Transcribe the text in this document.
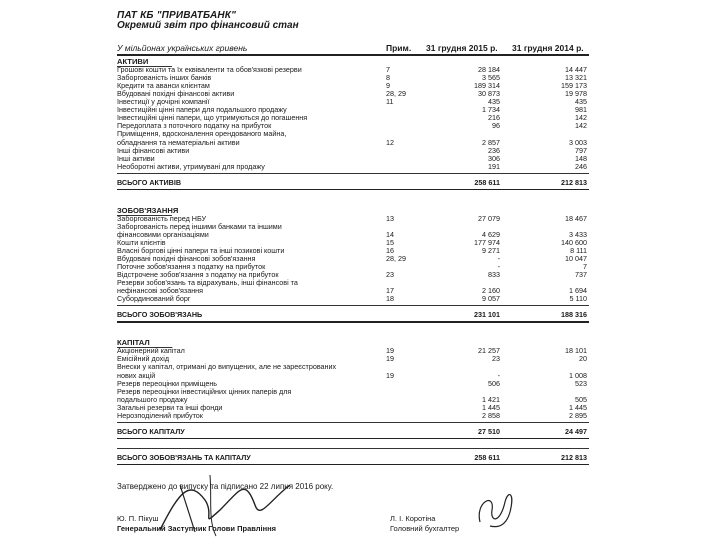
ПАТ КБ "ПРИВАТБАНК"
Окремий звіт про фінансовий стан
У мільйонах українських гривень	Прим. 31 грудня 2015 р. 31 грудня 2014 р.
АКТИВИ
Грошові кошти та їх еквіваленти та обов'язкові резерви	7	28 184	14 447
Заборгованість інших банків	8	3 565	13 321
Кредити та аванси клієнтам	9	189 314	159 173
Вбудовані похідні фінансові активи	28, 29	30 873	19 978
Інвестиції у дочірні компанії	11	435	435
Інвестиційні цінні папери для подальшого продажу	1 734	981
Інвестиційні цінні папери, що утримуються до погашення	216	142
Передоплата з поточного податку на прибуток	96	142
Приміщення, вдосконалення орендованого майна,
обладнання та нематеріальні активи	12	2 857	3 003
Інші фінансові активи	236	797
Інші активи	306	148
Необоротні активи, утримувані для продажу	191	246
ВСЬОГО АКТИВІВ	258 611	212 813
ЗОБОВ'ЯЗАННЯ
Заборгованість перед НБУ	13	27 079	18 467
Заборгованість перед іншими банками та іншими
фінансовими організаціями	14	4 629	3 433
Кошти клієнтів	15	177 974	140 600
Власні боргові цінні папери та інші позикові кошти	16	9 271	8 111
Вбудовані похідні фінансові зобов'язання	28, 29	-	10 047
Поточне зобов'язання з податку на прибуток	-	7
Відстрочене зобов'язання з податку на прибуток	23	833	737
Резерви зобов'язань та відрахувань, інші фінансові та
нефінансові зобов'язання	17	2 160	1 694
Субординований борг	18	9 057	5 110
ВСЬОГО ЗОБОВ'ЯЗАНЬ	231 101	188 316
КАПІТАЛ
Акціонерний капітал	19	21 257	18 101
Емісійний дохід	19	23	20
Внески у капітал, отримані до випущених, але не зареєстрованих
нових акцій	19	-	1 008
Резерв переоцінки приміщень	506	523
Резерв переоцінки інвестиційних цінних паперів для
подальшого продажу	1 421	505
Загальні резерви та інші фонди	1 445	1 445
Нерозподілений прибуток	2 858	2 895
ВСЬОГО КАПІТАЛУ	27 510	24 497
ВСЬОГО ЗОБОВ'ЯЗАНЬ ТА КАПІТАЛУ	258 611	212 813
Затверджено до випуску та підписано 22 липня 2016 року.
Ю. П. Пікуш
Генеральний Заступник Голови Правління
Л. І. Коротіна
Головний бухгалтер
